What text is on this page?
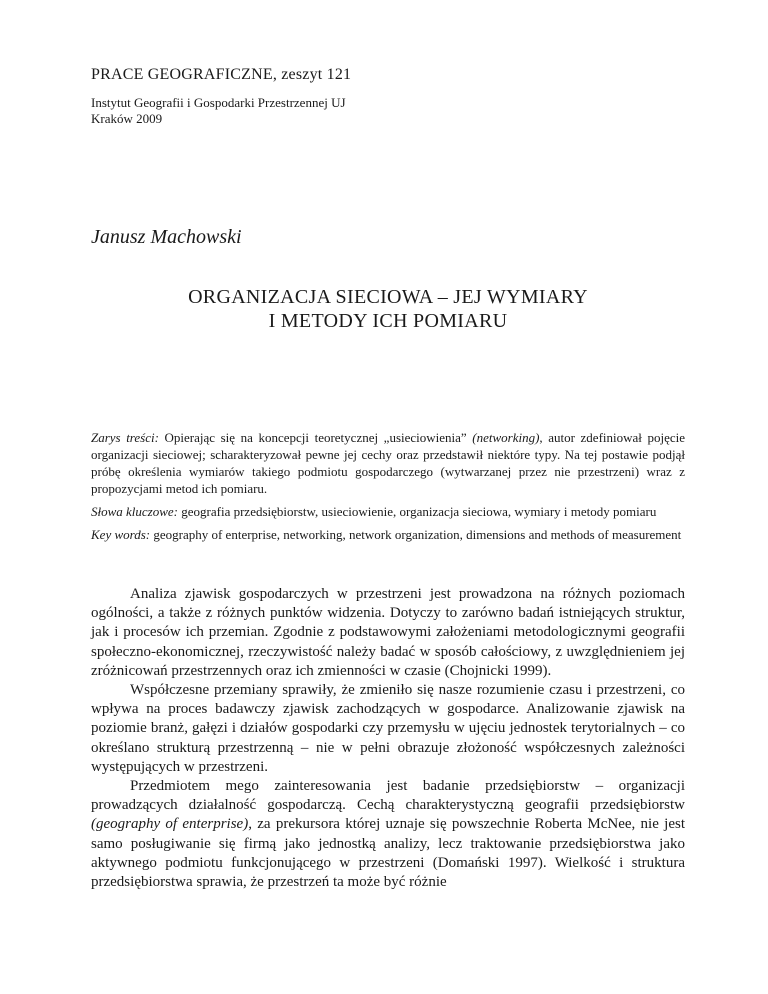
PRACE GEOGRAFICZNE, zeszyt 121
Instytut Geografii i Gospodarki Przestrzennej UJ
Kraków 2009
Janusz Machowski
ORGANIZACJA SIECIOWA – JEJ WYMIARY
I METODY ICH POMIARU

Zarys treści: Opierając się na koncepcji teoretycznej „usieciowienia” (networking), autor zdefiniował pojęcie organizacji sieciowej; scharakteryzował pewne jej cechy oraz przedstawił niektóre typy. Na tej postawie podjął próbę określenia wymiarów takiego podmiotu gospodarczego (wytwarzanej przez nie przestrzeni) wraz z propozycjami metod ich pomiaru.

Słowa kluczowe: geografia przedsiębiorstw, usieciowienie, organizacja sieciowa, wymiary i metody pomiaru

Key words: geography of enterprise, networking, network organization, dimensions and methods of measurement

Analiza zjawisk gospodarczych w przestrzeni jest prowadzona na różnych poziomach ogólności, a także z różnych punktów widzenia. Dotyczy to zarówno badań istniejących struktur, jak i procesów ich przemian. Zgodnie z podstawowymi założeniami metodologicznymi geografii społeczno-ekonomicznej, rzeczywistość należy badać w sposób całościowy, z uwzględnieniem jej zróżnicowań przestrzennych oraz ich zmienności w czasie (Chojnicki 1999).

Współczesne przemiany sprawiły, że zmieniło się nasze rozumienie czasu i przestrzeni, co wpływa na proces badawczy zjawisk zachodzących w gospodarce. Analizowanie zjawisk na poziomie branż, gałęzi i działów gospodarki czy przemysłu w ujęciu jednostek terytorialnych – co określano strukturą przestrzenną – nie w pełni obrazuje złożoność współczesnych zależności występujących w przestrzeni.

Przedmiotem mego zainteresowania jest badanie przedsiębiorstw – organizacji prowadzących działalność gospodarczą. Cechą charakterystyczną geografii przedsiębiorstw (geography of enterprise), za prekursora której uznaje się powszechnie Roberta McNee, nie jest samo posługiwanie się firmą jako jednostką analizy, lecz traktowanie przedsiębiorstwa jako aktywnego podmiotu funkcjonującego w przestrzeni (Domański 1997). Wielkość i struktura przedsiębiorstwa sprawia, że przestrzeń ta może być różnie
